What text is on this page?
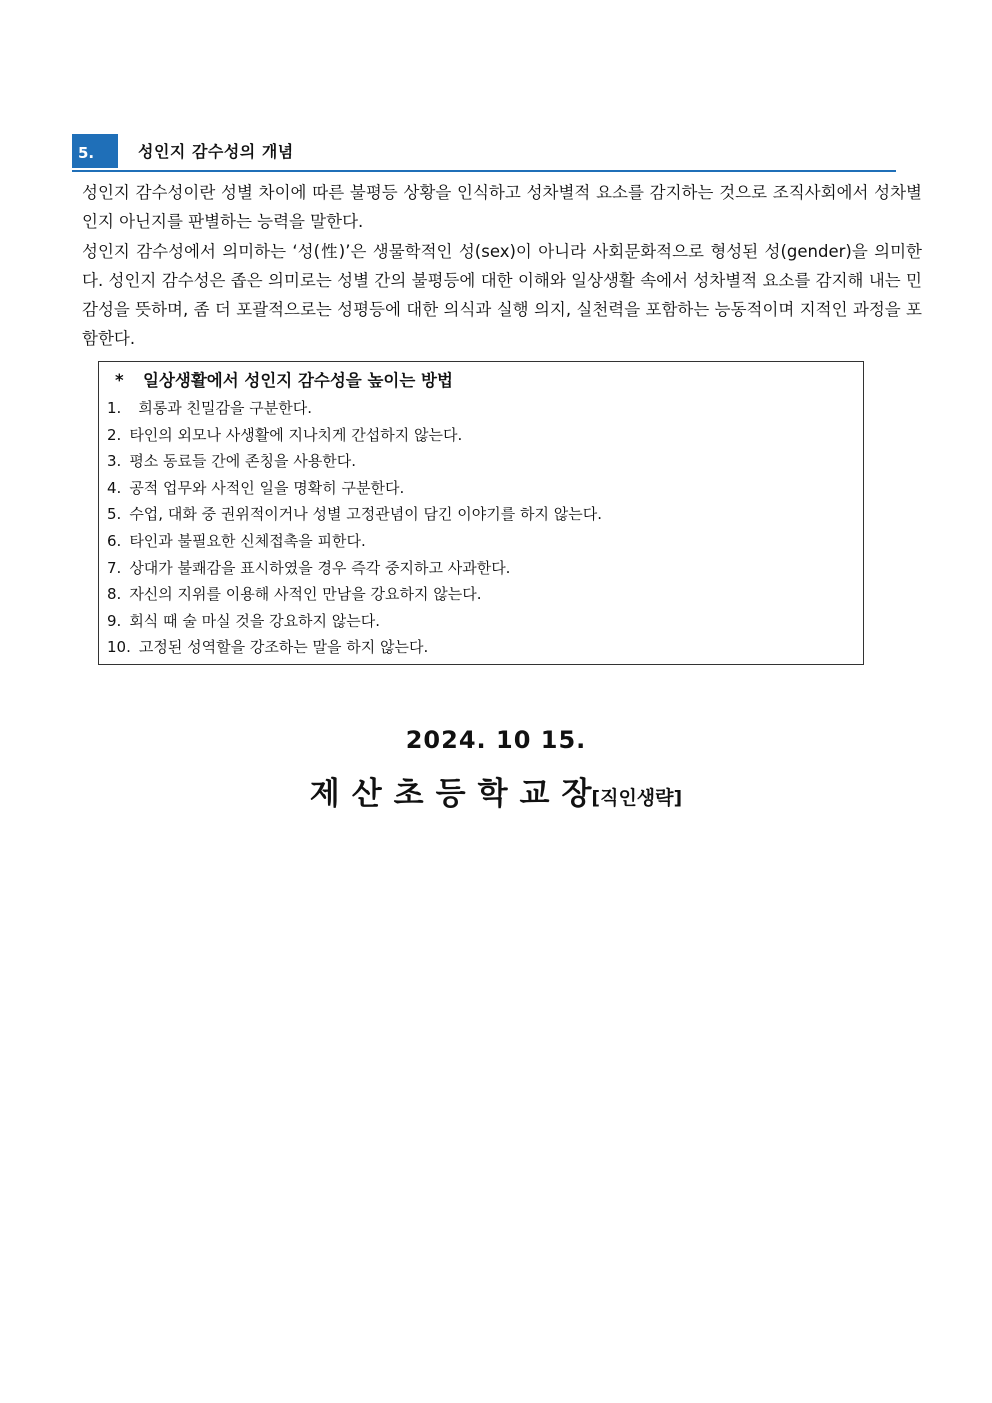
5.	성인지 감수성의 개념

성인지 감수성이란 성별 차이에 따른 불평등 상황을 인식하고 성차별적 요소를 감지하는 것으로 조직사회에서 성차별인지 아닌지를 판별하는 능력을 말한다.

성인지 감수성에서 의미하는 ‘성(性)’은 생물학적인 성(sex)이 아니라 사회문화적으로 형성된 성(gender)을 의미한다. 성인지 감수성은 좁은 의미로는 성별 간의 불평등에 대한 이해와 일상생활 속에서 성차별적 요소를 감지해 내는 민감성을 뜻하며, 좀 더 포괄적으로는 성평등에 대한 의식과 실행 의지, 실천력을 포함하는 능동적이며 지적인 과정을 포함한다.

* 일상생활에서 성인지 감수성을 높이는 방법
1. 희롱과 친밀감을 구분한다.
2. 타인의 외모나 사생활에 지나치게 간섭하지 않는다.
3. 평소 동료들 간에 존칭을 사용한다.
4. 공적 업무와 사적인 일을 명확히 구분한다.
5. 수업, 대화 중 권위적이거나 성별 고정관념이 담긴 이야기를 하지 않는다.
6. 타인과 불필요한 신체접촉을 피한다.
7. 상대가 불쾌감을 표시하였을 경우 즉각 중지하고 사과한다.
8. 자신의 지위를 이용해 사적인 만남을 강요하지 않는다.
9. 회식 때 술 마실 것을 강요하지 않는다.
10. 고정된 성역할을 강조하는 말을 하지 않는다.
2024. 10 15.
제산초등학교장[직인생략]
